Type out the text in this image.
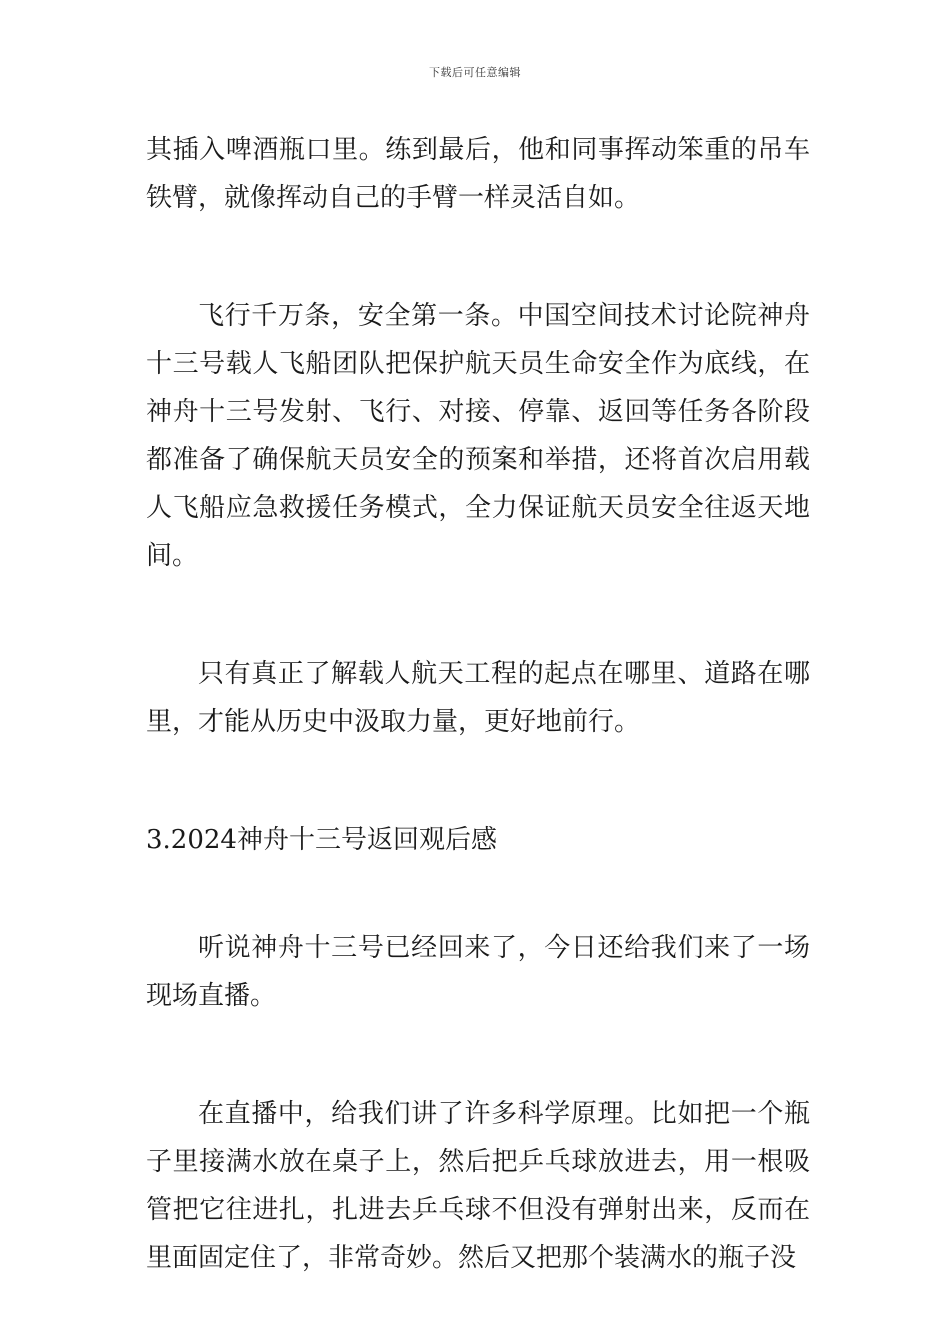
下载后可任意编辑

其插入啤酒瓶口里。练到最后，他和同事挥动笨重的吊车铁臂，就像挥动自己的手臂一样灵活自如。

飞行千万条，安全第一条。中国空间技术讨论院神舟十三号载人飞船团队把保护航天员生命安全作为底线，在神舟十三号发射、飞行、对接、停靠、返回等任务各阶段都准备了确保航天员安全的预案和举措，还将首次启用载人飞船应急救援任务模式，全力保证航天员安全往返天地间。

只有真正了解载人航天工程的起点在哪里、道路在哪里，才能从历史中汲取力量，更好地前行。

3.2024神舟十三号返回观后感

听说神舟十三号已经回来了，今日还给我们来了一场现场直播。

在直播中，给我们讲了许多科学原理。比如把一个瓶子里接满水放在桌子上，然后把乒乓球放进去，用一根吸管把它往进扎，扎进去乒乓球不但没有弹射出来，反而在里面固定住了，非常奇妙。然后又把那个装满水的瓶子没
